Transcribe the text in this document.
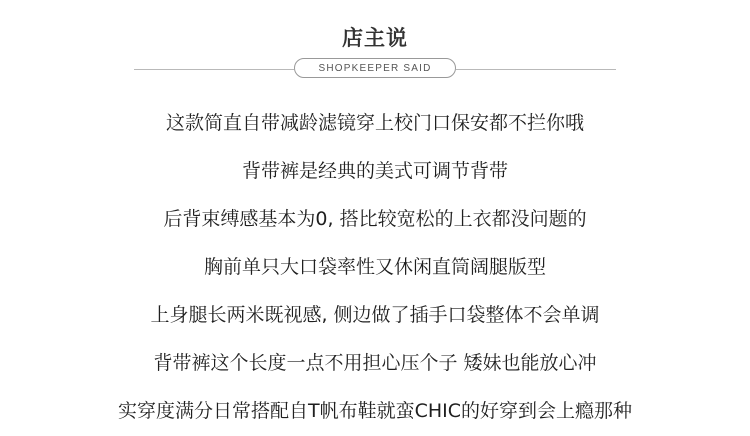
店主说
SHOPKEEPER SAID
这款简直自带减龄滤镜穿上校门口保安都不拦你哦
背带裤是经典的美式可调节背带
后背束缚感基本为0, 搭比较宽松的上衣都没问题的
胸前单只大口袋率性又休闲直筒阔腿版型
上身腿长两米既视感, 侧边做了插手口袋整体不会单调
背带裤这个长度一点不用担心压个子 矮妹也能放心冲
实穿度满分日常搭配自T帆布鞋就蛮CHIC的好穿到会上瘾那种
